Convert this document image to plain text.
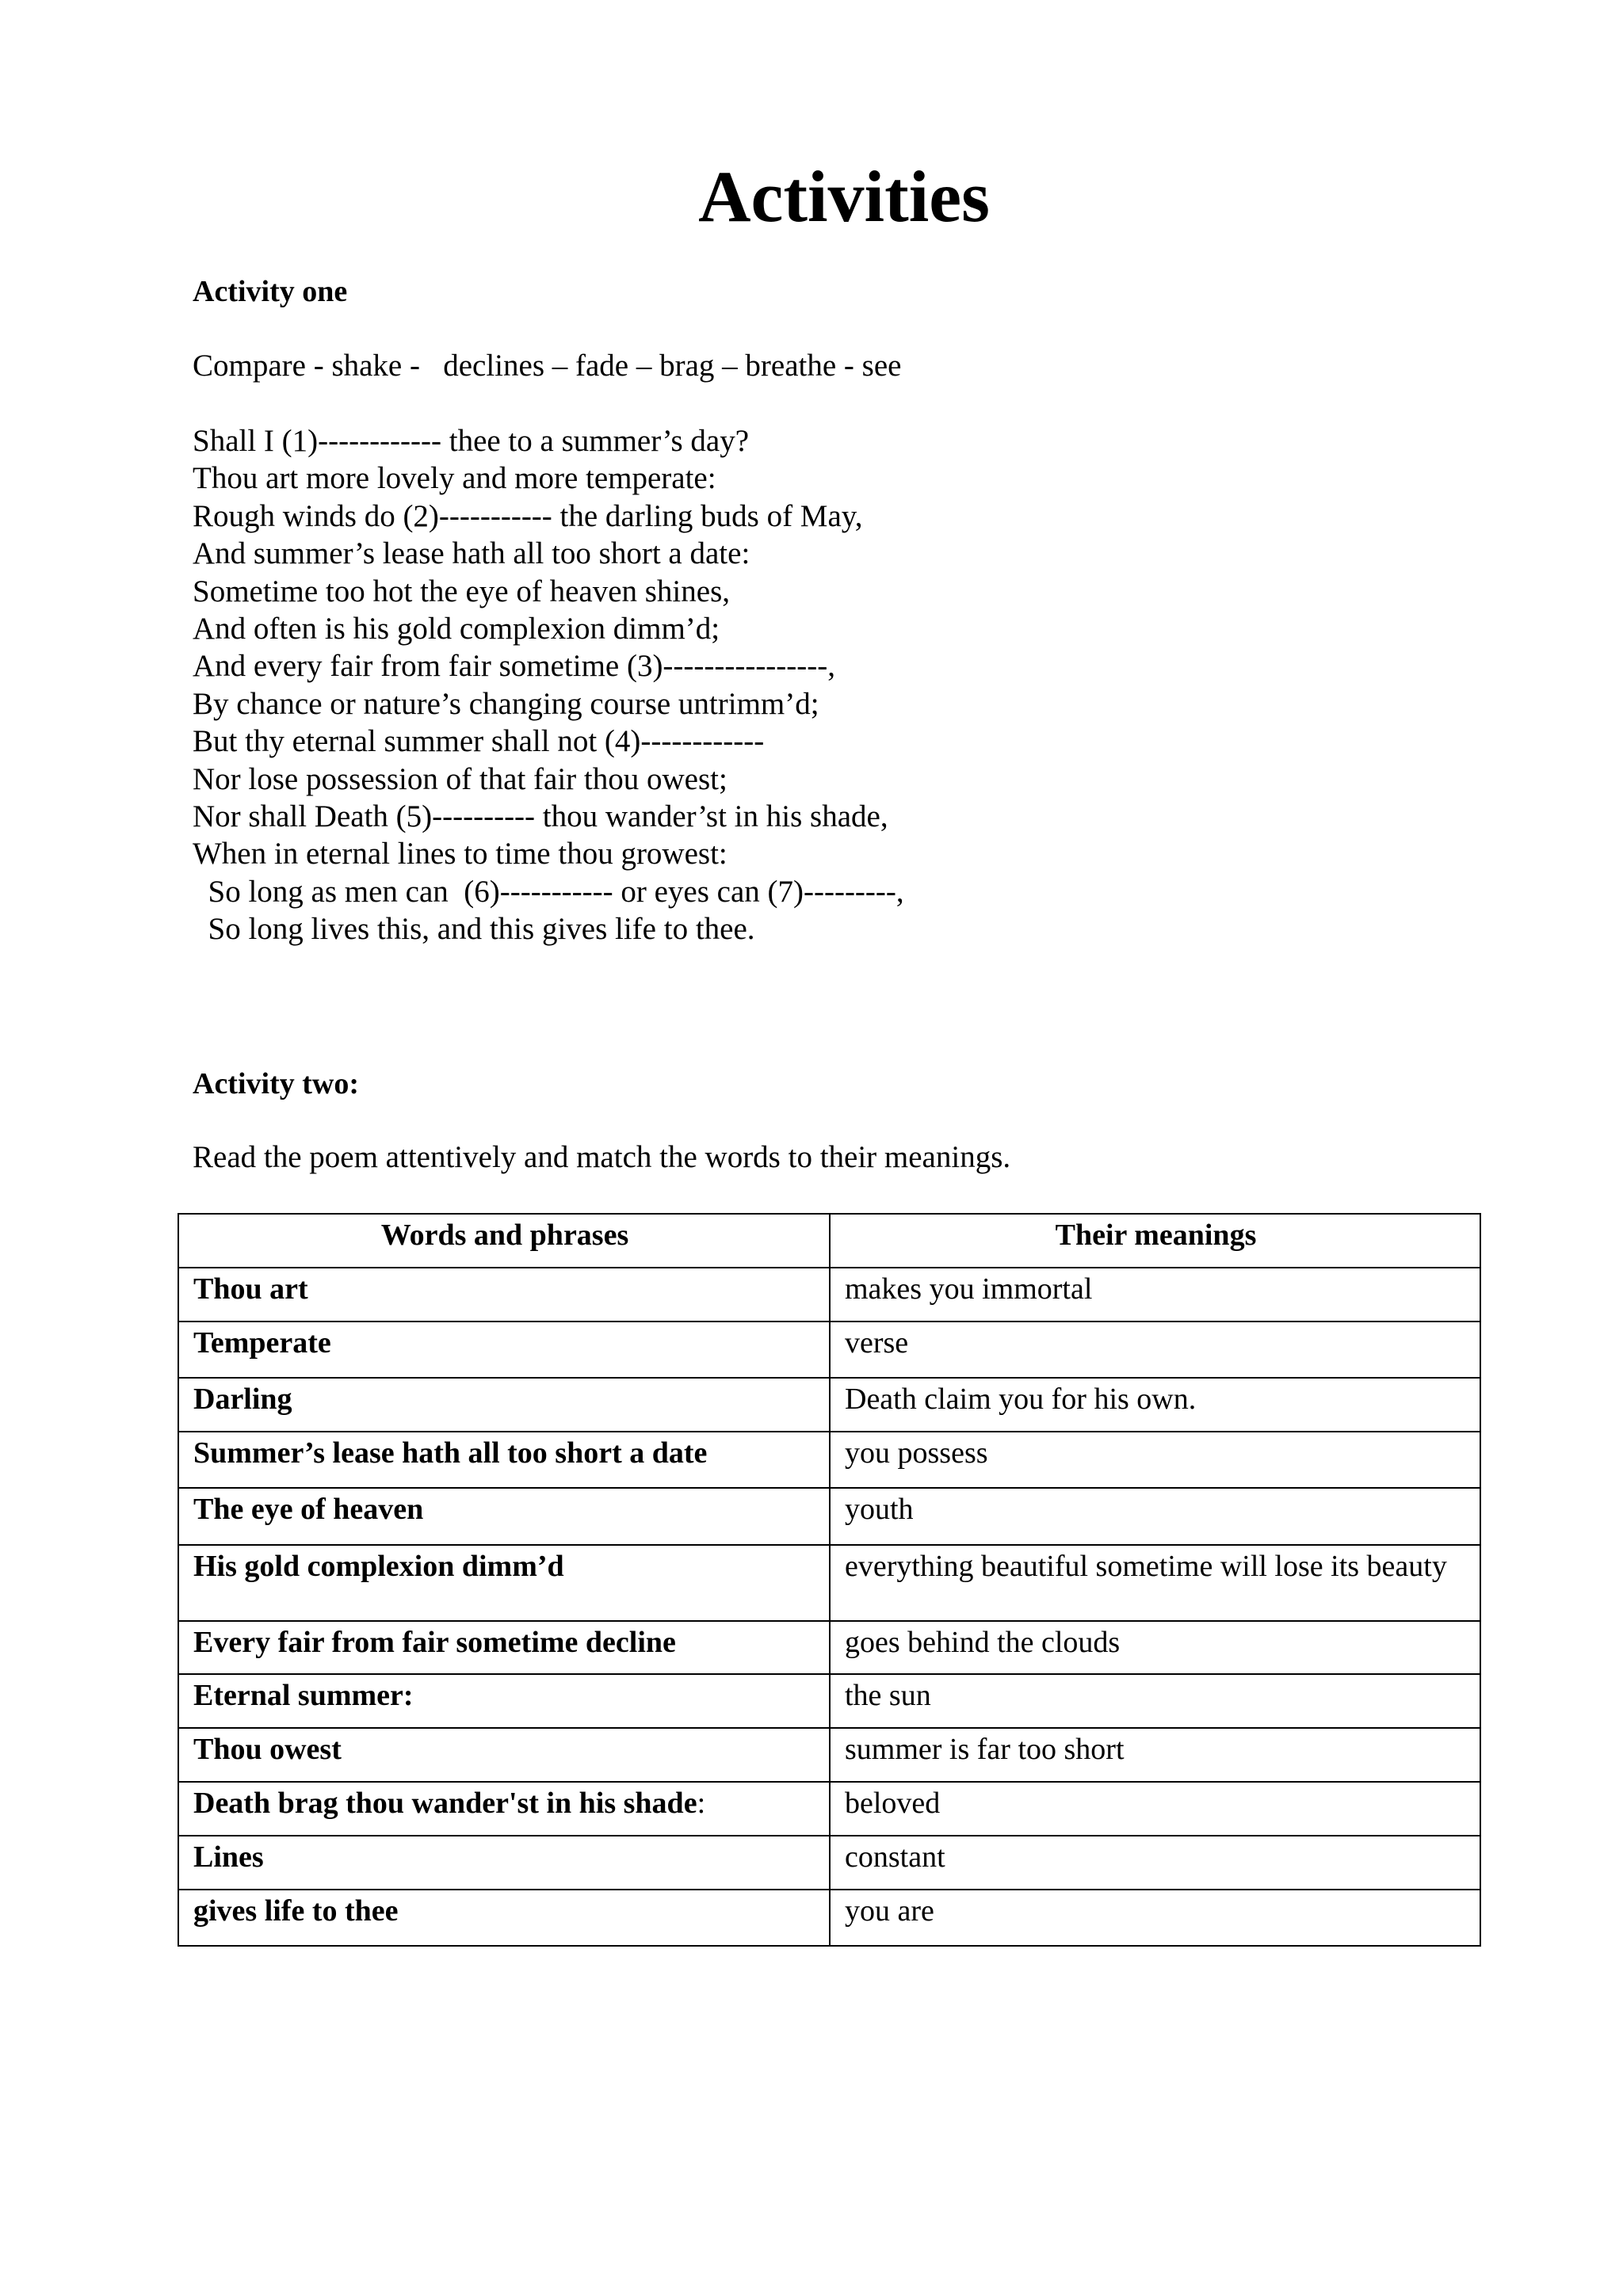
Activities
Activity one
Compare - shake -   declines – fade – brag – breathe - see
Shall I (1)------------ thee to a summer’s day?
Thou art more lovely and more temperate:
Rough winds do (2)----------- the darling buds of May,
And summer’s lease hath all too short a date:
Sometime too hot the eye of heaven shines,
And often is his gold complexion dimm’d;
And every fair from fair sometime (3)----------------,
By chance or nature’s changing course untrimm’d;
But thy eternal summer shall not (4)------------
Nor lose possession of that fair thou owest;
Nor shall Death (5)---------- thou wander’st in his shade,
When in eternal lines to time thou growest:
So long as men can  (6)----------- or eyes can (7)---------,
So long lives this, and this gives life to thee.
Activity two:
Read the poem attentively and match the words to their meanings.
Words and phrases	Their meanings
Thou art	makes you immortal
Temperate	verse
Darling	Death claim you for his own.
Summer’s lease hath all too short a date	you possess
The eye of heaven	youth
His gold complexion dimm’d	everything beautiful sometime will lose its beauty
Every fair from fair sometime decline	goes behind the clouds
Eternal summer:	the sun
Thou owest	summer is far too short
Death brag thou wander'st in his shade:	beloved
Lines	constant
gives life to thee	you are
